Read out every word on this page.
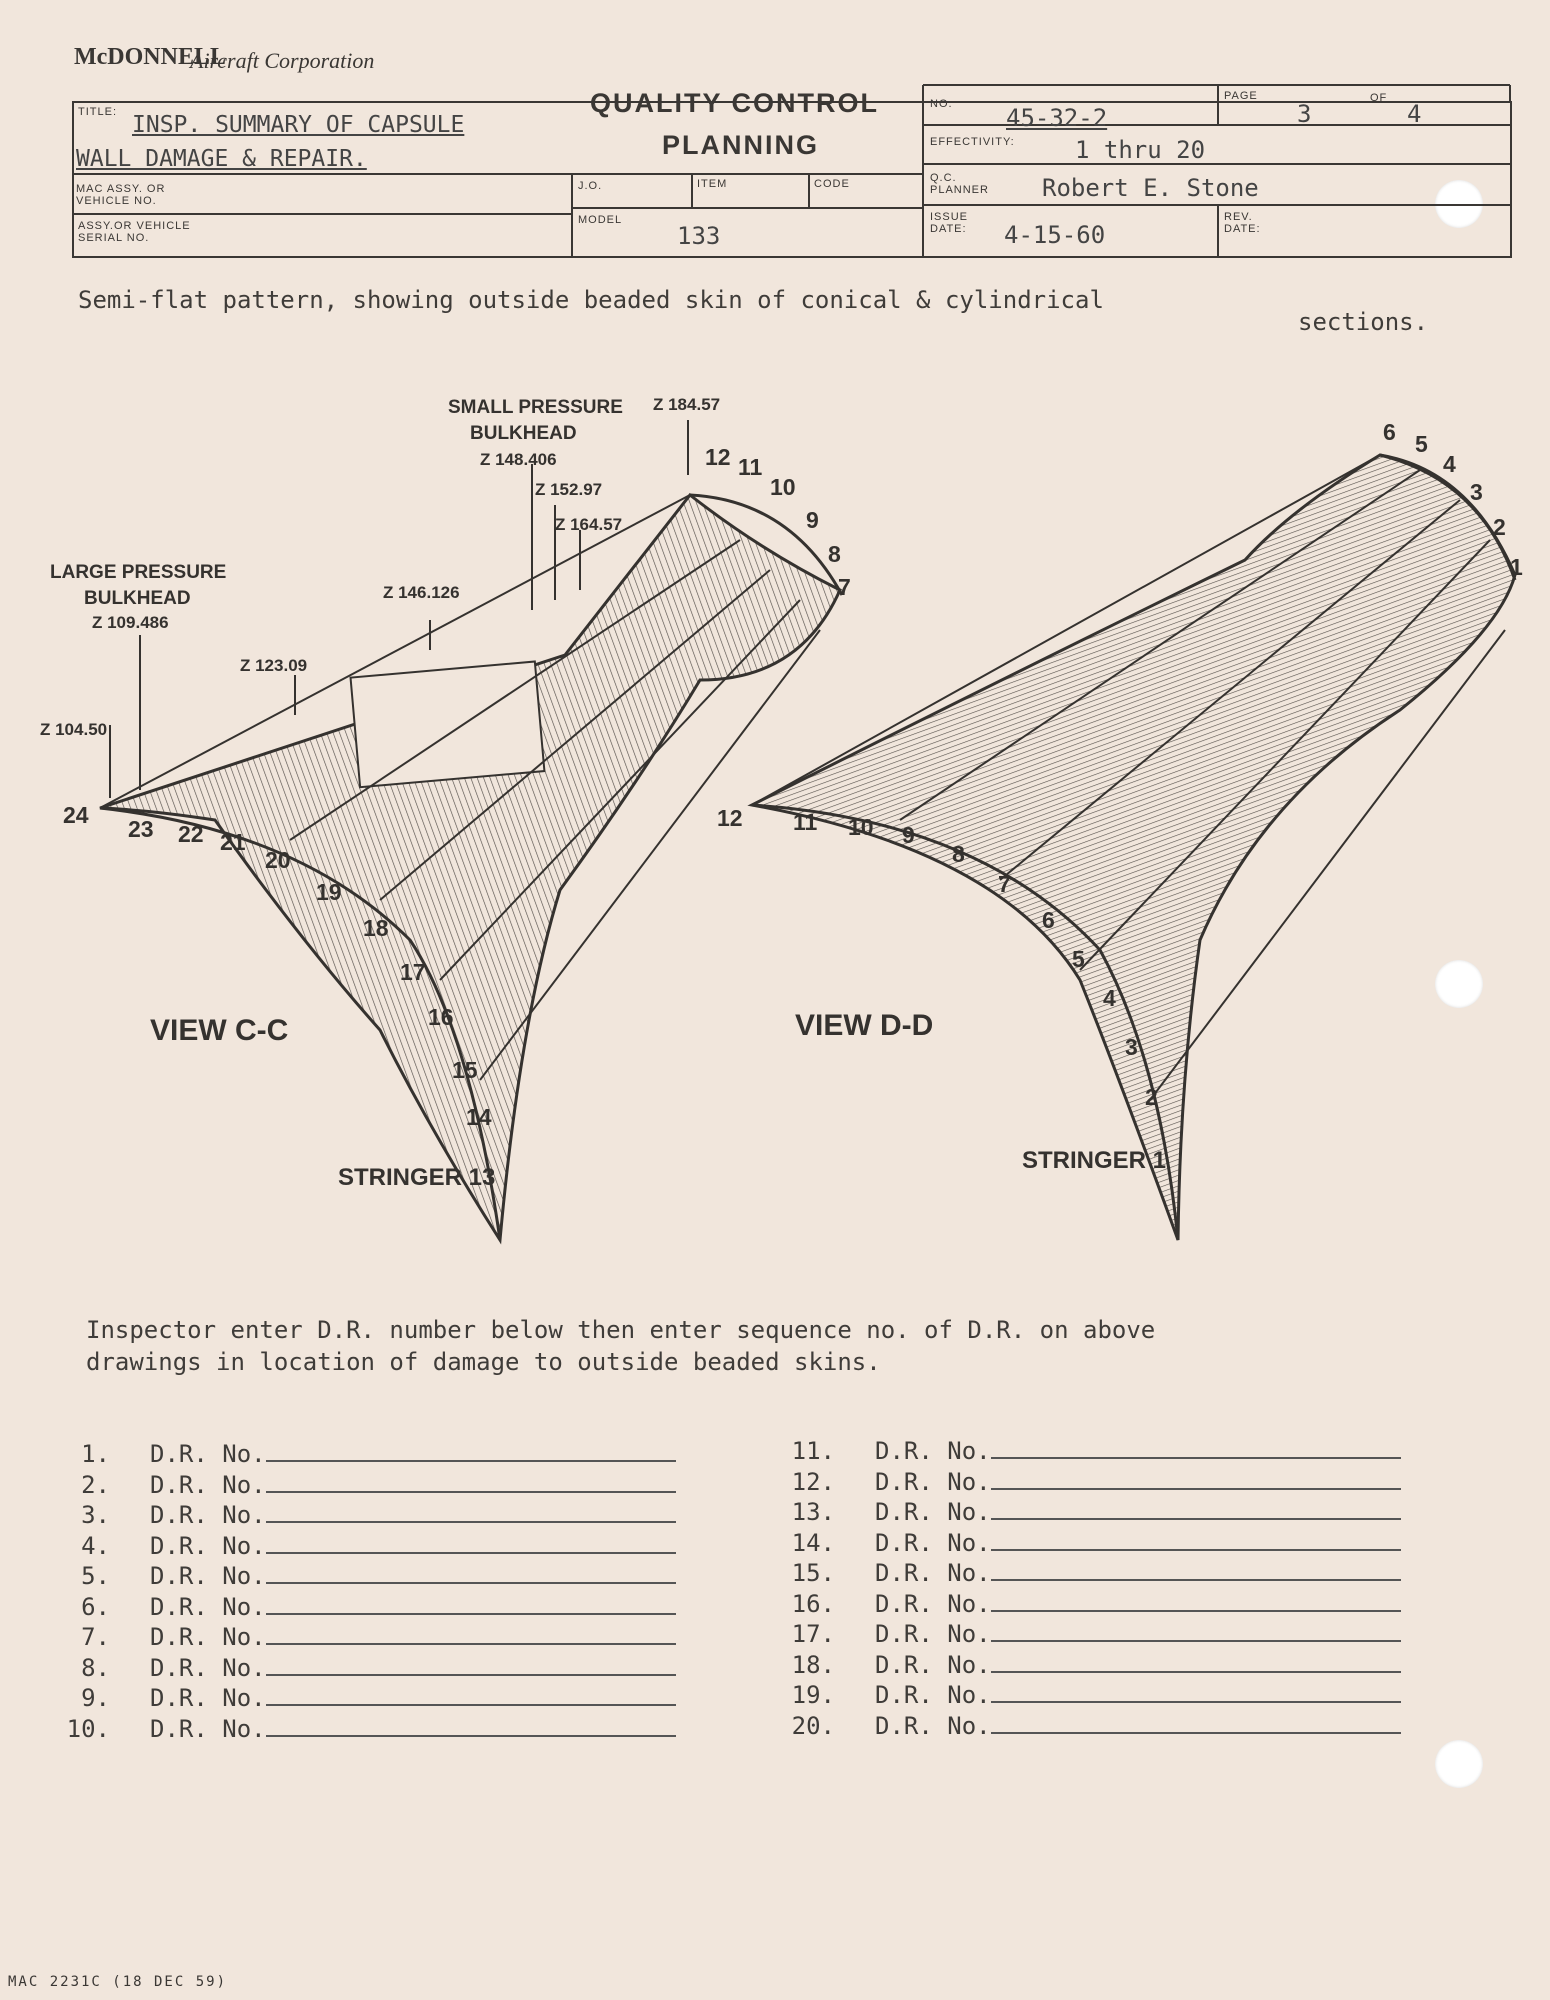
McDONNELL
Aircraft Corporation
TITLE: INSP. SUMMARY OF CAPSULE
WALL DAMAGE & REPAIR.
MAC ASSY. OR
VEHICLE NO.
ASSY.OR VEHICLE
SERIAL NO.
QUALITY CONTROL
PLANNING
J.O.	ITEM	CODE
MODEL
133
NO. 45-32-2
PAGE
3
OF
4
EFFECTIVITY:	1 thru 20
Q.C.
PLANNER Robert E. Stone
ISSUE
DATE: 4-15-60
REV.
DATE:
Semi-flat pattern, showing outside beaded skin of conical & cylindrical
sections.
SMALL PRESSURE
BULKHEAD
Z 148.406
Z 152.97
Z 164.57
Z 184.57
Z 146.126
LARGE PRESSURE
BULKHEAD
Z 109.486
Z 123.09
Z 104.50
VIEW C-C	VIEW D-D
STRINGER 13
STRINGER 1
24
23 22 21
20
19
18
17
16
15
14
12 11
10
9
8
7
12 11 10 9
8
7
6
5
4
3
2
6 5
4
3
2
1
Inspector enter D.R. number below then enter sequence no. of D.R. on above
drawings in location of damage to outside beaded skins.
1. D.R. No.
2. D.R. No.
3. D.R. No.
4. D.R. No.
5. D.R. No.
6. D.R. No.
7. D.R. No.
8. D.R. No.
9. D.R. No.
10. D.R. No.
11. D.R. No.
12. D.R. No.
13. D.R. No.
14. D.R. No.
15. D.R. No.
16. D.R. No.
17. D.R. No.
18. D.R. No.
19. D.R. No.
20. D.R. No.
MAC 2231C (18 DEC 59)
